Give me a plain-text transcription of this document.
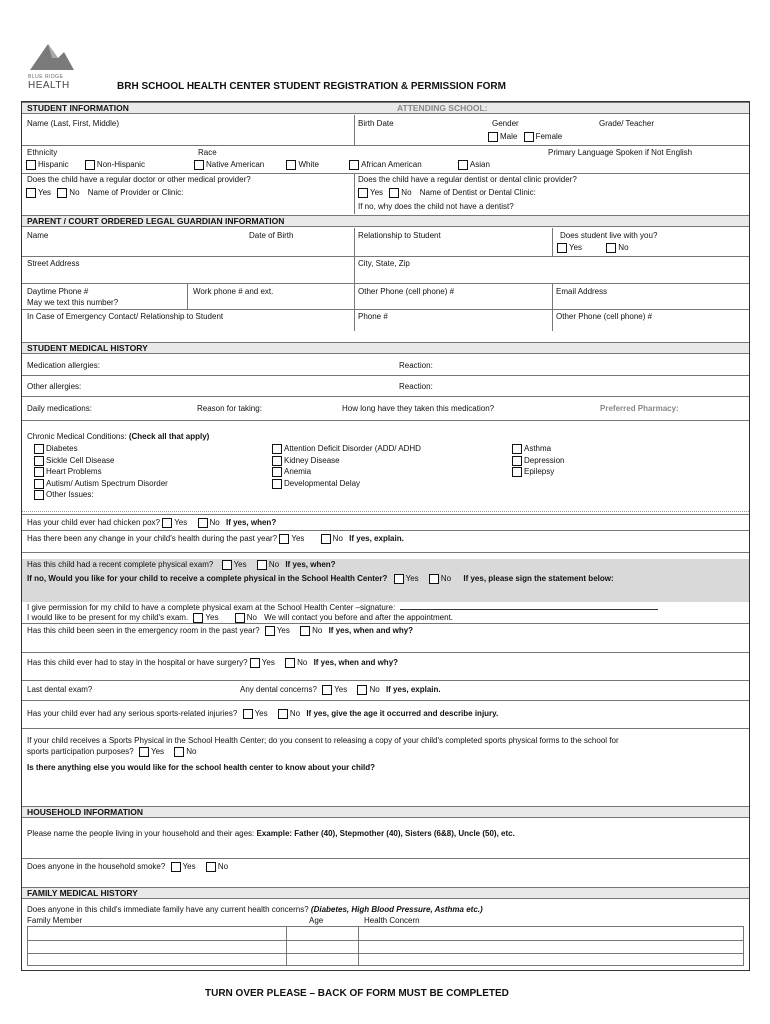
BLUE RIDGE
HEALTH	BRH SCHOOL HEALTH CENTER STUDENT REGISTRATION & PERMISSION FORM
STUDENT INFORMATION	ATTENDING SCHOOL:
Name (Last, First, Middle)	Birth Date	Gender
Male Female
Grade/ Teacher
Ethnicity
Hispanic	Non-Hispanic
Race
Native American	White	African American	Asian
Primary Language Spoken if Not English
Does the child have a regular doctor or other medical provider?
Yes No Name of Provider or Clinic:
Does the child have a regular dentist or dental clinic provider?
Yes No Name of Dentist or Dental Clinic:
If no, why does the child not have a dentist?
PARENT / COURT ORDERED LEGAL GUARDIAN INFORMATION
Name	Date of Birth	Relationship to Student	Does student live with you?
Yes	No
Street Address	City, State, Zip
Daytime Phone #
May we text this number?
Work phone # and ext.	Other Phone (cell phone) #	Email Address
In Case of Emergency Contact/ Relationship to Student	Phone #	Other Phone (cell phone) #
STUDENT MEDICAL HISTORY
Medication allergies:	Reaction:
Other allergies:	Reaction:
Daily medications:	Reason for taking:	How long have they taken this medication?	Preferred Pharmacy:
Chronic Medical Conditions: (Check all that apply)
Diabetes
Sickle Cell Disease
Heart Problems
Autism/ Autism Spectrum Disorder
Other Issues:
Attention Deficit Disorder (ADD/ ADHD
Kidney Disease
Anemia
Developmental Delay
Asthma
Depression
Epilepsy
Has your child ever had chicken pox? Yes	No If yes, when?
Has there been any change in your child's health during the past year? Yes	No If yes, explain.
Has this child had a recent complete physical exam?	Yes	No If yes, when?
If no, Would you like for your child to receive a complete physical in the School Health Center? Yes	No If yes, please sign the statement below:
I give permission for my child to have a complete physical exam at the School Health Center –signature:
I would like to be present for my child's exam. Yes	No We will contact you before and after the appointment.
Has this child been seen in the emergency room in the past year? Yes	No If yes, when and why?
Has this child ever had to stay in the hospital or have surgery? Yes	No If yes, when and why?
Last dental exam?	Any dental concerns? Yes	No If yes, explain.
Has your child ever had any serious sports-related injuries? Yes	No If yes, give the age it occurred and describe injury.
If your child receives a Sports Physical in the School Health Center; do you consent to releasing a copy of your child's completed sports physical forms to the school for
sports participation purposes? Yes	No
Is there anything else you would like for the school health center to know about your child?
HOUSEHOLD INFORMATION
Please name the people living in your household and their ages: Example: Father (40), Stepmother (40), Sisters (6&8), Uncle (50), etc.
Does anyone in the household smoke? Yes	No
FAMILY MEDICAL HISTORY
Does anyone in this child's immediate family have any current health concerns? (Diabetes, High Blood Pressure, Asthma etc.)
Family Member	Age	Health Concern
TURN OVER PLEASE – BACK OF FORM MUST BE COMPLETED
